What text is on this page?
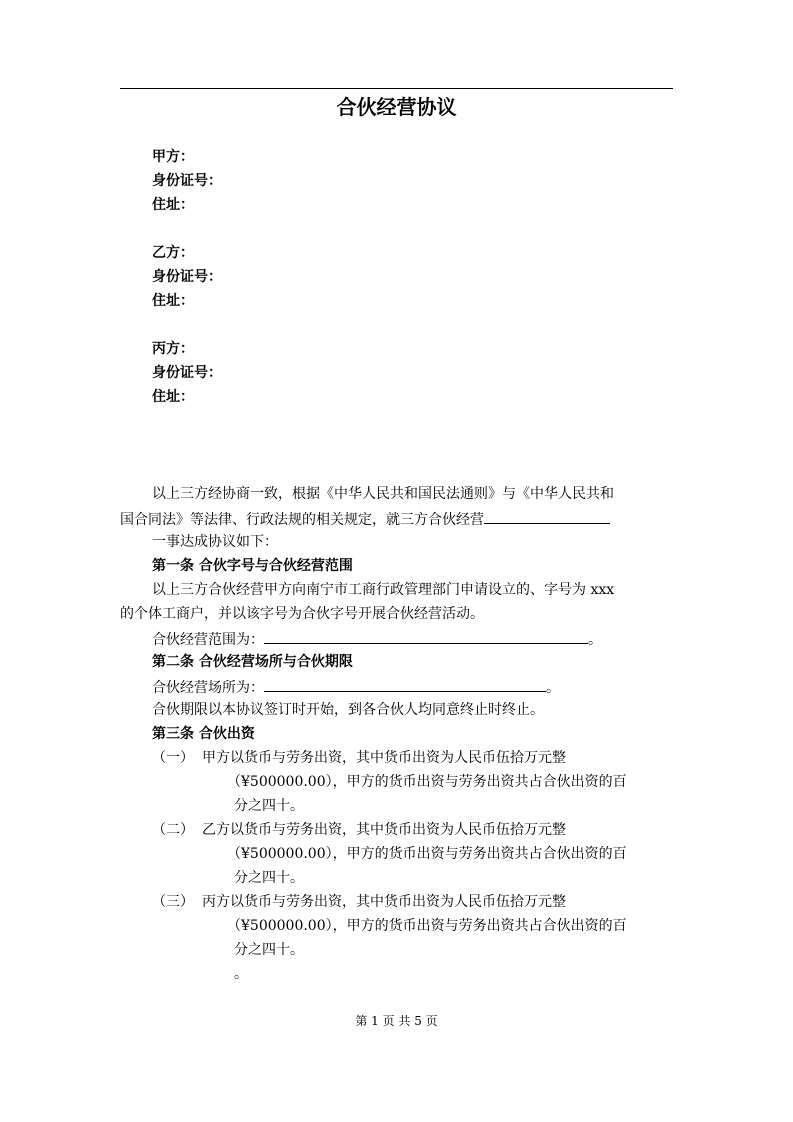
合伙经营协议
甲方：
身份证号：
住址：
乙方：
身份证号：
住址：
丙方：
身份证号：
住址：
以上三方经协商一致，根据《中华人民共和国民法通则》与《中华人民共和
国合同法》等法律、行政法规的相关规定，就三方合伙经营
一事达成协议如下：
第一条 合伙字号与合伙经营范围
以上三方合伙经营甲方向南宁市工商行政管理部门申请设立的、字号为 xxx
的个体工商户，并以该字号为合伙字号开展合伙经营活动。
合伙经营范围为：	。
第二条 合伙经营场所与合伙期限
合伙经营场所为：	。
合伙期限以本协议签订时开始，到各合伙人均同意终止时终止。
第三条 合伙出资
（一） 甲方以货币与劳务出资，其中货币出资为人民币伍拾万元整
（¥500000.00），甲方的货币出资与劳务出资共占合伙出资的百
分之四十。
（二） 乙方以货币与劳务出资，其中货币出资为人民币伍拾万元整
（¥500000.00），甲方的货币出资与劳务出资共占合伙出资的百
分之四十。
（三） 丙方以货币与劳务出资，其中货币出资为人民币伍拾万元整
（¥500000.00），甲方的货币出资与劳务出资共占合伙出资的百
分之四十。
。
第 1 页 共 5 页
